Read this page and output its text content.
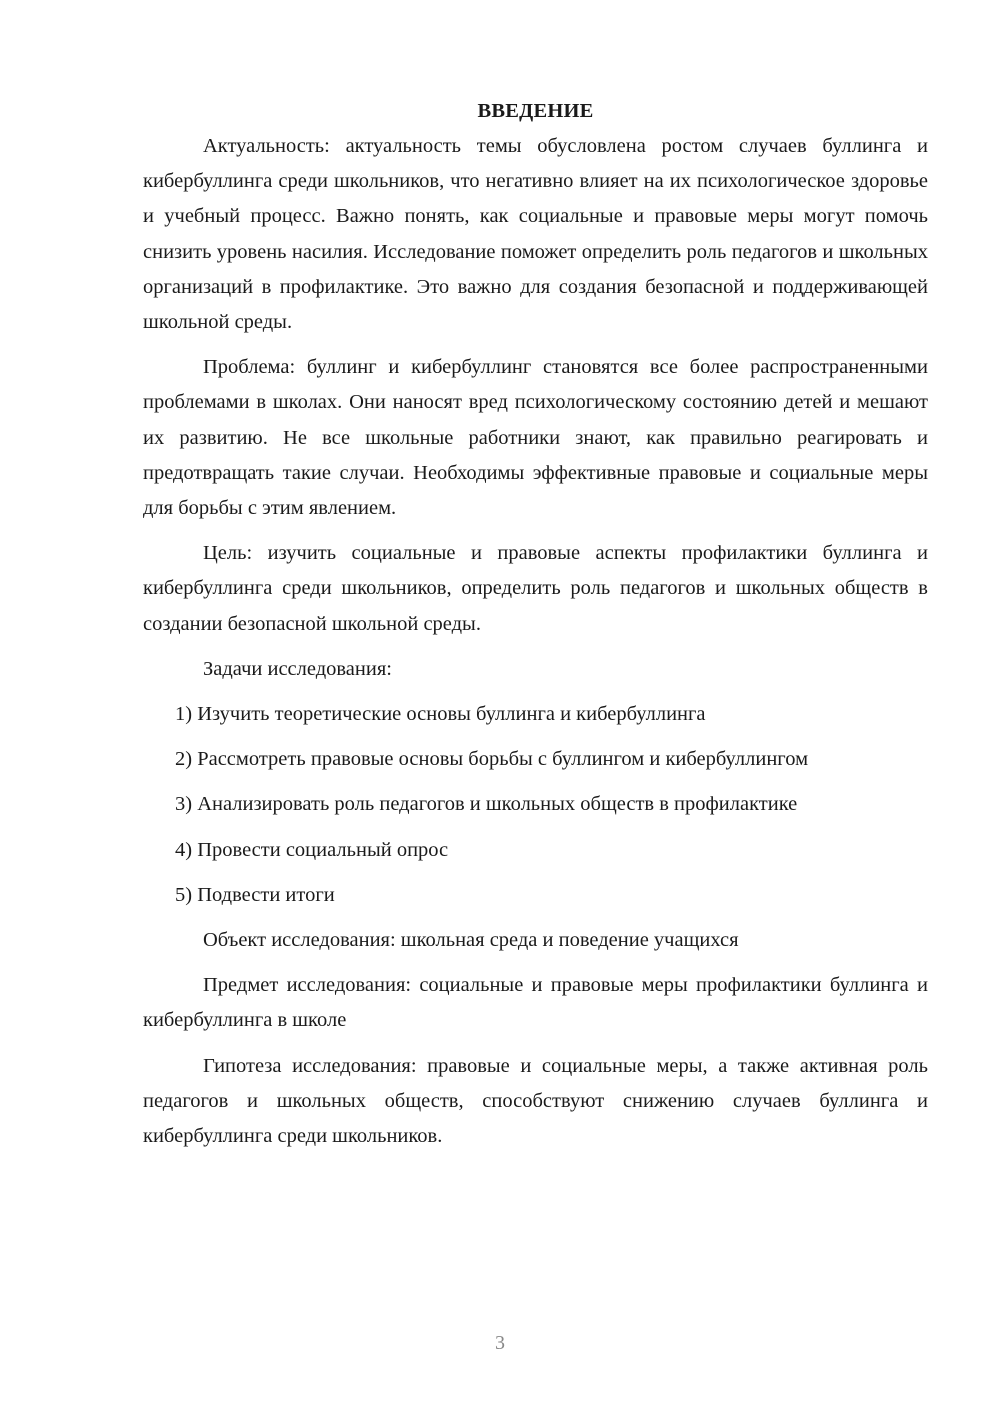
ВВЕДЕНИЕ

Актуальность: актуальность темы обусловлена ростом случаев буллинга и кибербуллинга среди школьников, что негативно влияет на их психологическое здоровье и учебный процесс. Важно понять, как социальные и правовые меры могут помочь снизить уровень насилия. Исследование поможет определить роль педагогов и школьных организаций в профилактике. Это важно для создания безопасной и поддерживающей школьной среды.

Проблема: буллинг и кибербуллинг становятся все более распространенными проблемами в школах. Они наносят вред психологическому состоянию детей и мешают их развитию. Не все школьные работники знают, как правильно реагировать и предотвращать такие случаи. Необходимы эффективные правовые и социальные меры для борьбы с этим явлением.

Цель: изучить социальные и правовые аспекты профилактики буллинга и кибербуллинга среди школьников, определить роль педагогов и школьных обществ в создании безопасной школьной среды.

Задачи исследования:

1) Изучить теоретические основы буллинга и кибербуллинга

2) Рассмотреть правовые основы борьбы с буллингом и кибербуллингом

3) Анализировать роль педагогов и школьных обществ в профилактике

4) Провести социальный опрос

5) Подвести итоги

Объект исследования: школьная среда и поведение учащихся

Предмет исследования: социальные и правовые меры профилактики буллинга и кибербуллинга в школе

Гипотеза исследования: правовые и социальные меры, а также активная роль педагогов и школьных обществ, способствуют снижению случаев буллинга и кибербуллинга среди школьников.

3
